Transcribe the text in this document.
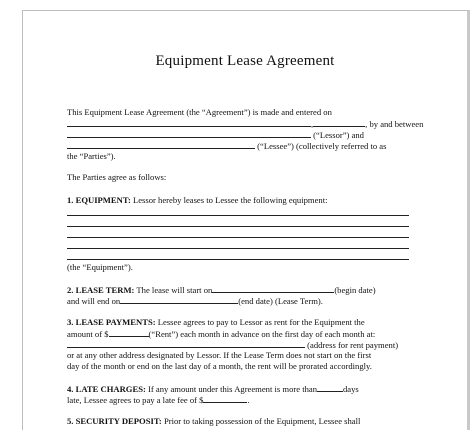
Equipment Lease Agreement
This Equipment Lease Agreement (the “Agreement”) is made and entered on
,	, by and between
(“Lessor”) and
(“Lessee”) (collectively referred to as
the “Parties”).
The Parties agree as follows:
1. EQUIPMENT: Lessor hereby leases to Lessee the following equipment:
(the “Equipment”).
2. LEASE TERM: The lease will start on	(begin date)
and will end on	(end date) (Lease Term).
3. LEASE PAYMENTS: Lessee agrees to pay to Lessor as rent for the Equipment the
amount of $	(“Rent”) each month in advance on the first day of each month at:
(address for rent payment)
or at any other address designated by Lessor. If the Lease Term does not start on the first
day of the month or end on the last day of a month, the rent will be prorated accordingly.
4. LATE CHARGES: If any amount under this Agreement is more than	days
late, Lessee agrees to pay a late fee of $	.
5. SECURITY DEPOSIT: Prior to taking possession of the Equipment, Lessee shall
